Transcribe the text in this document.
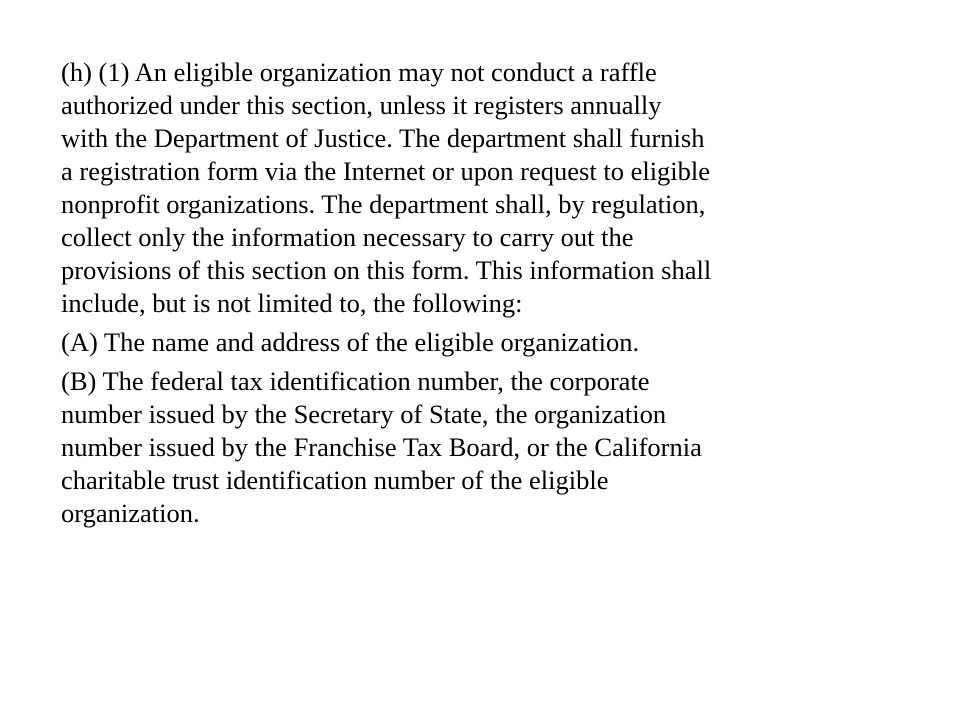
(h) (1) An eligible organization may not conduct a raffle
authorized under this section, unless it registers annually
with the Department of Justice. The department shall furnish
a registration form via the Internet or upon request to eligible
nonprofit organizations. The department shall, by regulation,
collect only the information necessary to carry out the
provisions of this section on this form. This information shall
include, but is not limited to, the following:

(A) The name and address of the eligible organization.

(B) The federal tax identification number, the corporate
number issued by the Secretary of State, the organization
number issued by the Franchise Tax Board, or the California
charitable trust identification number of the eligible
organization.
